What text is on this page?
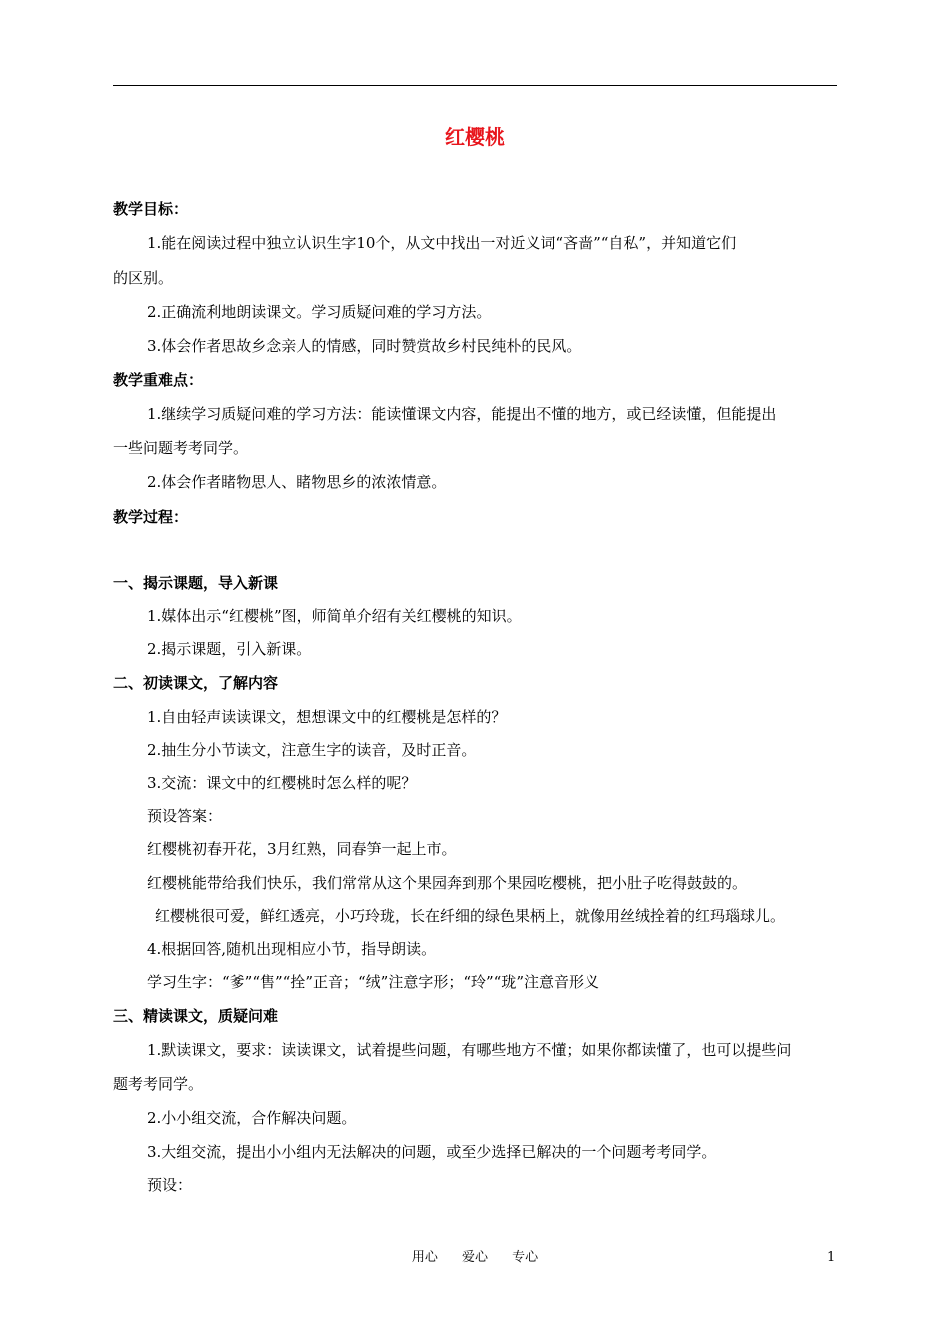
红樱桃
教学目标：
1.能在阅读过程中独立认识生字10个，从文中找出一对近义词“吝啬”“自私”，并知道它们
的区别。
2.正确流利地朗读课文。学习质疑问难的学习方法。
3.体会作者思故乡念亲人的情感，同时赞赏故乡村民纯朴的民风。
教学重难点：
1.继续学习质疑问难的学习方法：能读懂课文内容，能提出不懂的地方，或已经读懂，但能提出
一些问题考考同学。
2.体会作者睹物思人、睹物思乡的浓浓情意。
教学过程：
一、揭示课题，导入新课
1.媒体出示“红樱桃”图，师简单介绍有关红樱桃的知识。
2.揭示课题，引入新课。
二、初读课文，了解内容
1.自由轻声读读课文，想想课文中的红樱桃是怎样的？
2.抽生分小节读文，注意生字的读音，及时正音。
3.交流：课文中的红樱桃时怎么样的呢？
预设答案：
红樱桃初春开花，3月红熟，同春笋一起上市。
红樱桃能带给我们快乐，我们常常从这个果园奔到那个果园吃樱桃，把小肚子吃得鼓鼓的。
红樱桃很可爱，鲜红透亮，小巧玲珑，长在纤细的绿色果柄上，就像用丝绒拴着的红玛瑙球儿。
4.根据回答,随机出现相应小节，指导朗读。
学习生字：“爹”“售”“拴”正音；“绒”注意字形；“玲”“珑”注意音形义
三、精读课文，质疑问难
1.默读课文，要求：读读课文，试着提些问题，有哪些地方不懂；如果你都读懂了，也可以提些问
题考考同学。
2.小小组交流，合作解决问题。
3.大组交流，提出小小组内无法解决的问题，或至少选择已解决的一个问题考考同学。
预设：
用心 爱心 专心	1
